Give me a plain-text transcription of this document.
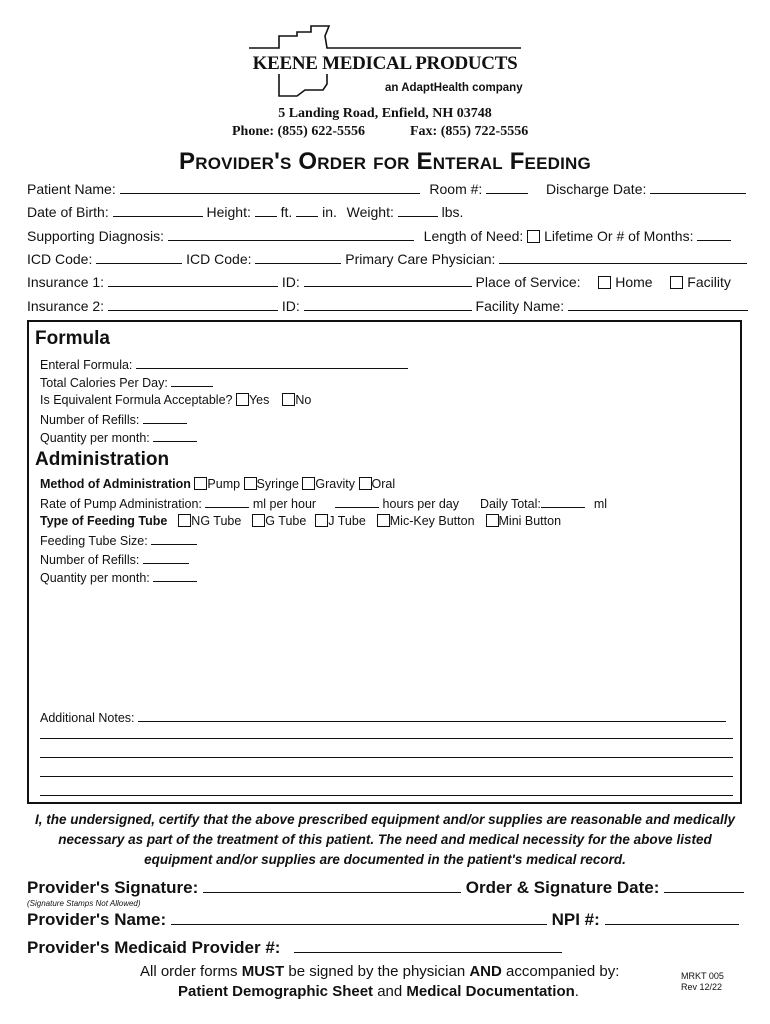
KEENE MEDICAL PRODUCTS
an AdaptHealth company
5 Landing Road, Enfield, NH 03748
Phone: (855) 622-5556	Fax: (855) 722-5556
Provider's Order for Enteral Feeding
Patient Name:	Room #:	Discharge Date:
Date of Birth:	Height: ft. in. Weight:	lbs.
Supporting Diagnosis:	Length of Need: Lifetime Or # of Months:
ICD Code:	ICD Code:	Primary Care Physician:
Insurance 1:	ID:	Place of Service: Home Facility
Insurance 2:	ID:	Facility Name:
Formula
Enteral Formula:
Total Calories Per Day:
Is Equivalent Formula Acceptable? Yes No
Number of Refills:
Quantity per month:
Administration
Method of Administration Pump Syringe Gravity Oral
Rate of Pump Administration:	ml per hour	hours per day Daily Total:	ml
Type of Feeding Tube NG Tube G Tube J Tube Mic-Key Button Mini Button
Feeding Tube Size:
Number of Refills:
Quantity per month:
Additional Notes:
I, the undersigned, certify that the above prescribed equipment and/or supplies are reasonable and medically
necessary as part of the treatment of this patient. The need and medical necessity for the above listed
equipment and/or supplies are documented in the patient's medical record.
Provider's Signature:	Order & Signature Date:
(Signature Stamps Not Allowed)
Provider's Name:	NPI #:
Provider's Medicaid Provider #:
All order forms MUST be signed by the physician AND accompanied by:
Patient Demographic Sheet and Medical Documentation.
MRKT 005
Rev 12/22
